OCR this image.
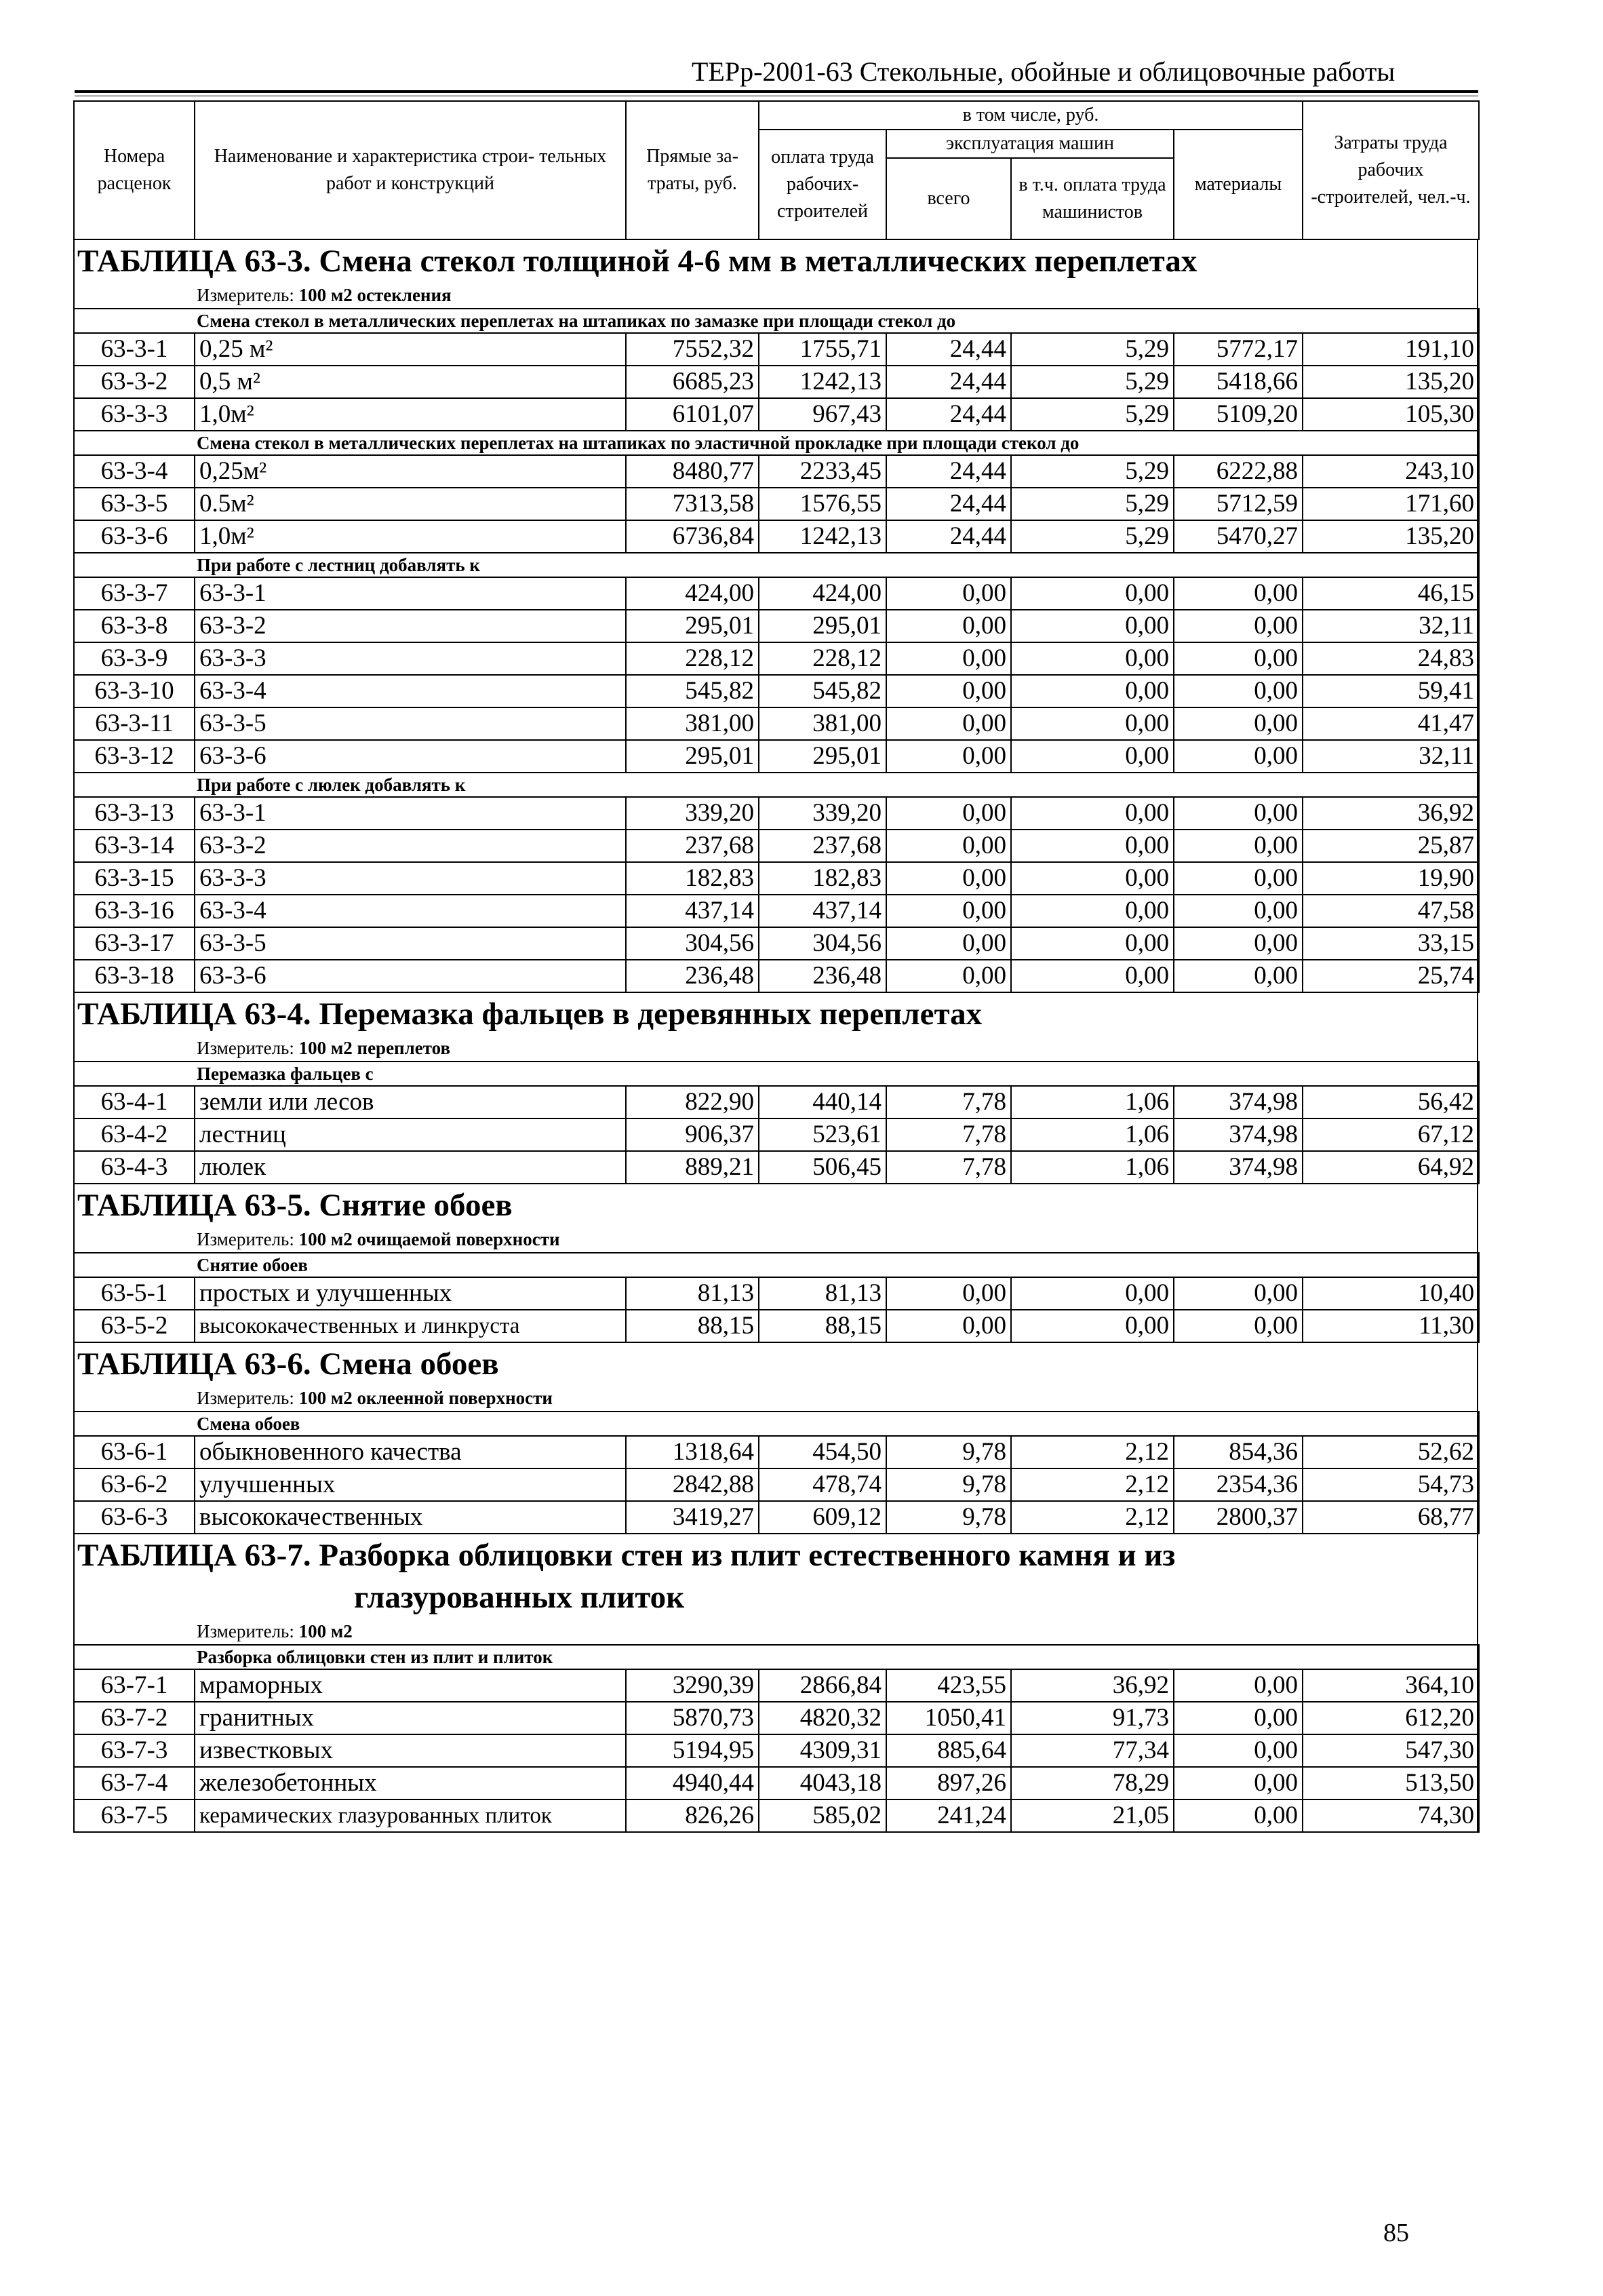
ТЕРр-2001-63 Стекольные, обойные и облицовочные работы
Номера расценок	Наименование и характеристика строи- тельных работ и конструкций	Прямые за- траты, руб.	в том числе, руб.				Затраты труда рабочих -строителей, чел.-ч.
			оплата труда рабочих- строителей	эксплуатация машин		материалы	
				всего	в т.ч. оплата труда машинистов		

ТАБЛИЦА 63-3. Смена стекол толщиной 4-6 мм в металлических переплетах
Измеритель: 100 м2 остекления
Смена стекол в металлических переплетах на штапиках по замазке при площади стекол до							
63-3-1	0,25 м²	7552,32	1755,71	24,44	5,29	5772,17	191,10
63-3-2	0,5 м²	6685,23	1242,13	24,44	5,29	5418,66	135,20
63-3-3	1,0м²	6101,07	967,43	24,44	5,29	5109,20	105,30
Смена стекол в металлических переплетах на штапиках по эластичной прокладке при площади стекол до							
63-3-4	0,25м²	8480,77	2233,45	24,44	5,29	6222,88	243,10
63-3-5	0.5м²	7313,58	1576,55	24,44	5,29	5712,59	171,60
63-3-6	1,0м²	6736,84	1242,13	24,44	5,29	5470,27	135,20
При работе с лестниц добавлять к							
63-3-7	63-3-1	424,00	424,00	0,00	0,00	0,00	46,15
63-3-8	63-3-2	295,01	295,01	0,00	0,00	0,00	32,11
63-3-9	63-3-3	228,12	228,12	0,00	0,00	0,00	24,83
63-3-10	63-3-4	545,82	545,82	0,00	0,00	0,00	59,41
63-3-11	63-3-5	381,00	381,00	0,00	0,00	0,00	41,47
63-3-12	63-3-6	295,01	295,01	0,00	0,00	0,00	32,11
При работе с люлек добавлять к							
63-3-13	63-3-1	339,20	339,20	0,00	0,00	0,00	36,92
63-3-14	63-3-2	237,68	237,68	0,00	0,00	0,00	25,87
63-3-15	63-3-3	182,83	182,83	0,00	0,00	0,00	19,90
63-3-16	63-3-4	437,14	437,14	0,00	0,00	0,00	47,58
63-3-17	63-3-5	304,56	304,56	0,00	0,00	0,00	33,15
63-3-18	63-3-6	236,48	236,48	0,00	0,00	0,00	25,74
ТАБЛИЦА 63-4. Перемазка фальцев в деревянных переплетах
Измеритель: 100 м2 переплетов
Перемазка фальцев с							
63-4-1	земли или лесов	822,90	440,14	7,78	1,06	374,98	56,42
63-4-2	лестниц	906,37	523,61	7,78	1,06	374,98	67,12
63-4-3	люлек	889,21	506,45	7,78	1,06	374,98	64,92
ТАБЛИЦА 63-5. Снятие обоев
Измеритель: 100 м2 очищаемой поверхности
Снятие обоев							
63-5-1	простых и улучшенных	81,13	81,13	0,00	0,00	0,00	10,40
63-5-2	высококачественных и линкруста	88,15	88,15	0,00	0,00	0,00	11,30
ТАБЛИЦА 63-6. Смена обоев
Измеритель: 100 м2 оклеенной поверхности
Смена обоев							
63-6-1	обыкновенного качества	1318,64	454,50	9,78	2,12	854,36	52,62
63-6-2	улучшенных	2842,88	478,74	9,78	2,12	2354,36	54,73
63-6-3	высококачественных	3419,27	609,12	9,78	2,12	2800,37	68,77
ТАБЛИЦА 63-7. Разборка облицовки стен из плит естественного камня и из
глазурованных плиток
Измеритель: 100 м2
Разборка облицовки стен из плит и плиток							
63-7-1	мраморных	3290,39	2866,84	423,55	36,92	0,00	364,10
63-7-2	гранитных	5870,73	4820,32	1050,41	91,73	0,00	612,20
63-7-3	известковых	5194,95	4309,31	885,64	77,34	0,00	547,30
63-7-4	железобетонных	4940,44	4043,18	897,26	78,29	0,00	513,50
63-7-5	керамических глазурованных плиток	826,26	585,02	241,24	21,05	0,00	74,30
85
